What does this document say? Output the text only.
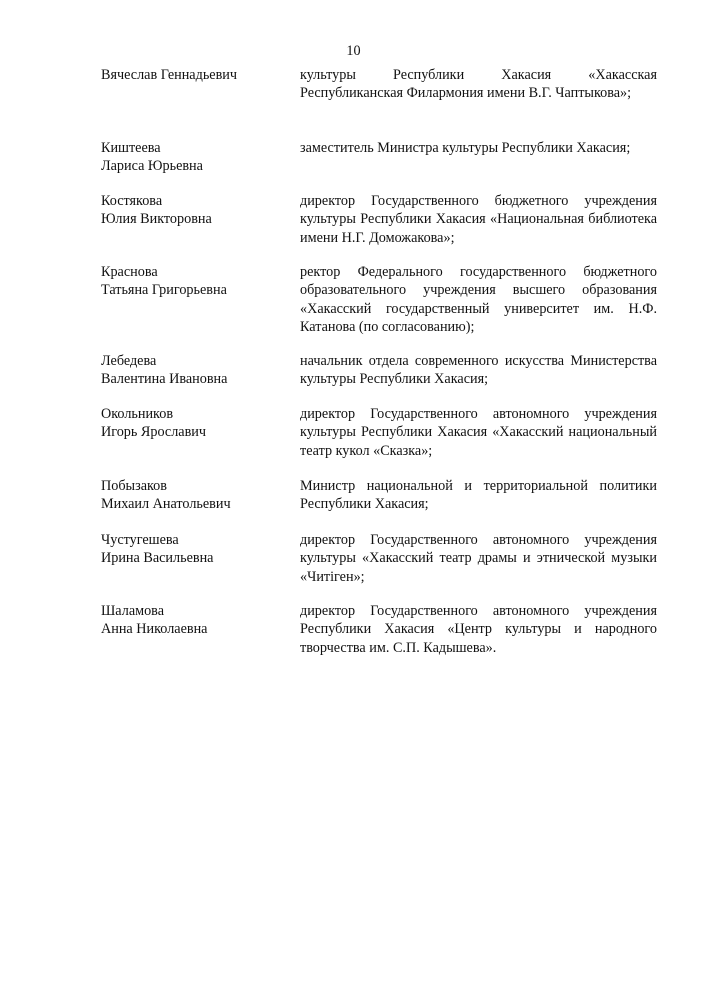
10
Вячеслав Геннадьевич	культуры Республики Хакасия «Хакасская Республиканская Филармония имени В.Г. Чаптыкова»;
Киштеева
Лариса Юрьевна
заместитель Министра культуры Республики Хакасия;
Костякова
Юлия Викторовна
директор Государственного бюджетного учреждения культуры Республики Хакасия «Национальная библиотека имени Н.Г. Доможакова»;
Краснова
Татьяна Григорьевна
ректор Федерального государственного бюджетного образовательного учреждения высшего образования «Хакасский государственный университет им. Н.Ф. Катанова (по согласованию);
Лебедева
Валентина Ивановна
начальник отдела современного искусства Министерства культуры Республики Хакасия;
Окольников
Игорь Ярославич
директор Государственного автономного учреждения культуры Республики Хакасия «Хакасский национальный театр кукол «Сказка»;
Побызаков
Михаил Анатольевич
Министр национальной и территориальной политики Республики Хакасия;
Чустугешева
Ирина Васильевна
директор Государственного автономного учреждения культуры «Хакасский театр драмы и этнической музыки «Читiген»;
Шаламова
Анна Николаевна
директор Государственного автономного учреждения Республики Хакасия «Центр культуры и народного творчества им. С.П. Кадышева».
